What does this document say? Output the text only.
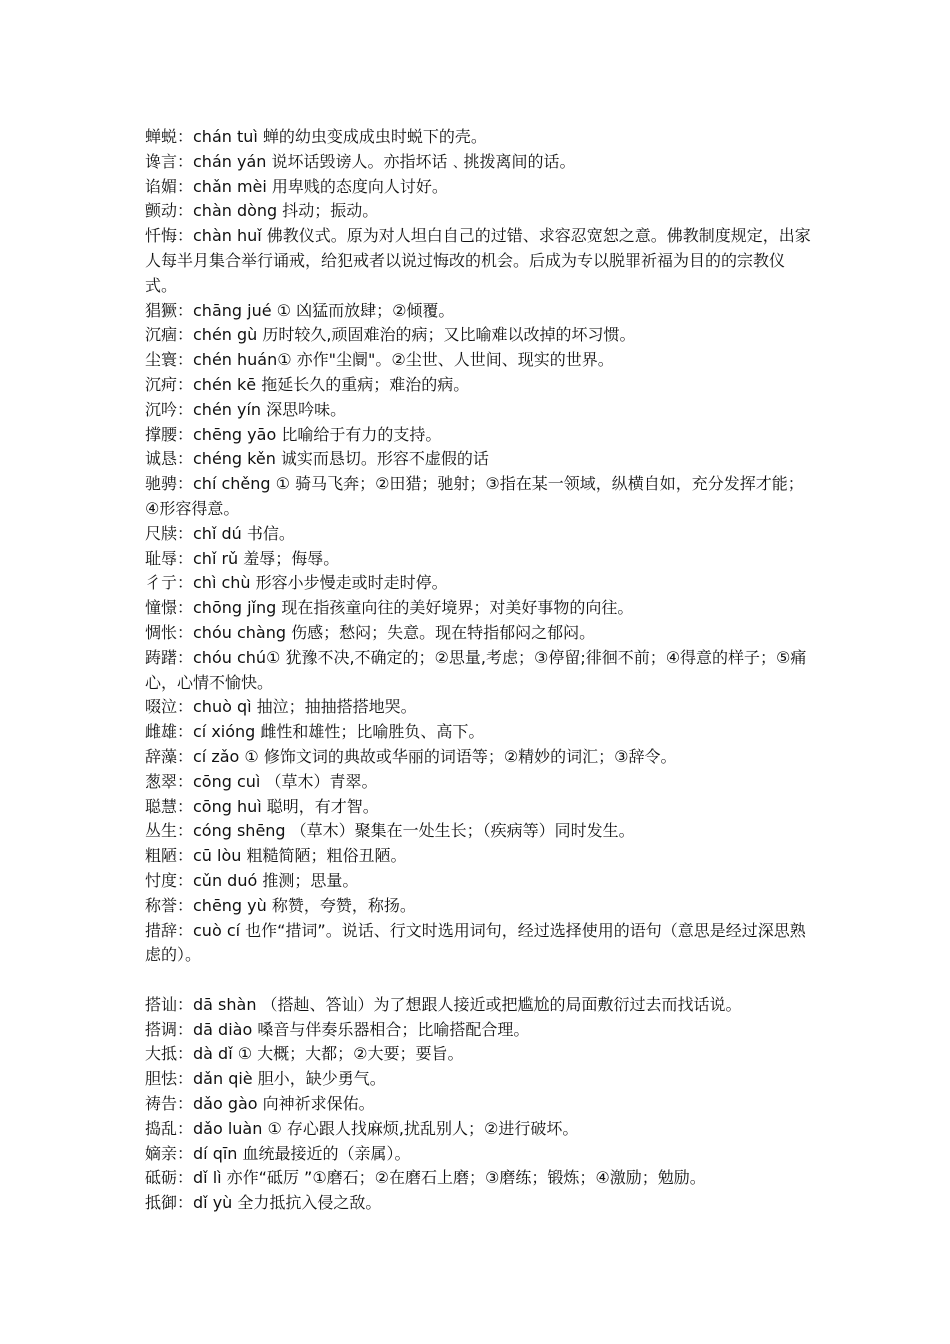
蝉蜕：chán tuì 蝉的幼虫变成成虫时蜕下的壳。

谗言：chán yán 说坏话毁谤人。亦指坏话﹑挑拨离间的话。

谄媚：chǎn mèi 用卑贱的态度向人讨好。

颤动：chàn dòng 抖动；振动。

忏悔：chàn huǐ 佛教仪式。原为对人坦白自己的过错、求容忍宽恕之意。佛教制度规定，出家人每半月集合举行诵戒，给犯戒者以说过悔改的机会。后成为专以脱罪祈福为目的的宗教仪式。

猖獗：chāng jué ① 凶猛而放肆；②倾覆。

沉痼：chén gù 历时较久,顽固难治的病；又比喻难以改掉的坏习惯。

尘寰：chén huán① 亦作"尘阛"。②尘世、人世间、现实的世界。

沉疴：chén kē 拖延长久的重病；难治的病。

沉吟：chén yín 深思吟味。

撑腰：chēng yāo 比喻给于有力的支持。

诚恳：chéng kěn 诚实而恳切。形容不虚假的话

驰骋：chí chěng ① 骑马飞奔；②田猎；驰射；③指在某一领域，纵横自如，充分发挥才能；④形容得意。

尺牍：chǐ dú 书信。

耻辱：chǐ rǔ 羞辱；侮辱。

彳亍：chì chù 形容小步慢走或时走时停。

憧憬：chōng jǐng 现在指孩童向往的美好境界；对美好事物的向往。

惆怅：chóu chàng 伤感；愁闷；失意。现在特指郁闷之郁闷。

踌躇：chóu chú① 犹豫不决,不确定的；②思量,考虑；③停留;徘徊不前；④得意的样子；⑤痛心，心情不愉快。

啜泣：chuò qì 抽泣；抽抽搭搭地哭。

雌雄：cí xióng 雌性和雄性；比喻胜负、高下。

辞藻：cí zǎo ① 修饰文词的典故或华丽的词语等；②精妙的词汇；③辞令。

葱翠：cōng cuì （草木）青翠。

聪慧：cōng huì 聪明，有才智。

丛生：cóng shēng （草木）聚集在一处生长；（疾病等）同时发生。

粗陋：cū lòu 粗糙简陋；粗俗丑陋。

忖度：cǔn duó 推测；思量。

称誉：chēng yù 称赞，夸赞，称扬。

措辞：cuò cí 也作“措词”。说话、行文时选用词句，经过选择使用的语句（意思是经过深思熟虑的）。

搭讪：dā shàn （搭赸、答讪）为了想跟人接近或把尴尬的局面敷衍过去而找话说。

搭调：dā diào 嗓音与伴奏乐器相合；比喻搭配合理。

大抵：dà dǐ ① 大概；大都；②大要；要旨。

胆怯：dǎn qiè 胆小，缺少勇气。

祷告：dǎo gào 向神祈求保佑。

捣乱：dǎo luàn ① 存心跟人找麻烦,扰乱别人；②进行破坏。

嫡亲：dí qīn 血统最接近的（亲属）。

砥砺：dǐ lì 亦作“砥厉 ”①磨石；②在磨石上磨；③磨练；锻炼；④激励；勉励。

抵御：dǐ yù 全力抵抗入侵之敌。
